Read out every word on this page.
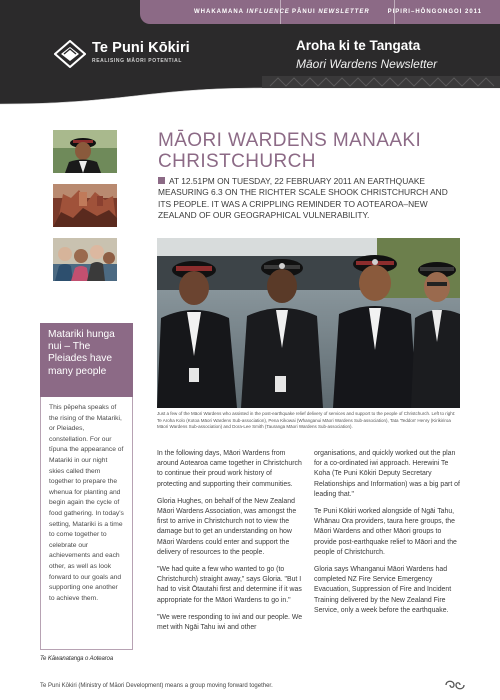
WHAKAMANA INFLUENCE PĀNUI NEWSLETTER	PIPIRI–HŌNGONGOI 2011
Te Puni Kōkiri
REALISING MĀORI POTENTIAL
Aroha ki te Tangata
Māori Wardens Newsletter
Matariki hunga nui – The Pleiades have many people
This pēpeha speaks of the rising of the Matariki, or Pleiades, constellation. For our tīpuna the appearance of Matariki in our night skies called them together to prepare the whenua for planting and begin again the cycle of food gathering. In today's setting, Matariki is a time to come together to celebrate our achievements and each other, as well as look forward to our goals and supporting one another to achieve them.
Te Kāwanatanga o Aotearoa
MĀORI WARDENS MANAAKI CHRISTCHURCH
AT 12.51PM ON TUESDAY, 22 FEBRUARY 2011 AN EARTHQUAKE MEASURING 6.3 ON THE RICHTER SCALE SHOOK CHRISTCHURCH AND ITS PEOPLE. IT WAS A CRIPPLING REMINDER TO AOTEAROA–NEW ZEALAND OF OUR GEOGRAPHICAL VULNERABILITY.
Just a few of the Māori Wardens who assisted in the post-earthquake relief delivery of services and support to the people of Christchurch. Left to right: Te Aroha Kolo (Kotoa Māori Wardens Sub-association), Pena Kikowai (Whanganui Māori Wardens Sub-association), Tata 'Teddon' Henry (Kirikiriroa Māori Wardens Sub-association) and Dora-Lee Smith (Tauranga Māori Wardens Sub-association).

In the following days, Māori Wardens from around Aotearoa came together in Christchurch to continue their proud work history of protecting and supporting their communities.

Gloria Hughes, on behalf of the New Zealand Māori Wardens Association, was amongst the first to arrive in Christchurch not to view the damage but to get an understanding on how Māori Wardens could enter and support the delivery of resources to the people.

"We had quite a few who wanted to go (to Christchurch) straight away," says Gloria. "But I had to visit Ōtautahi first and determine if it was appropriate for the Māori Wardens to go in."

"We were responding to iwi and our people. We met with Ngāi Tahu iwi and other

organisations, and quickly worked out the plan for a co-ordinated iwi approach. Herewini Te Koha (Te Puni Kōkiri Deputy Secretary Relationships and Information) was a big part of leading that."

Te Puni Kōkiri worked alongside of Ngāi Tahu, Whānau Ora providers, taura here groups, the Māori Wardens and other Māori groups to provide post-earthquake relief to Māori and the people of Christchurch.

Gloria says Whanganui Māori Wardens had completed NZ Fire Service Emergency Evacuation, Suppression of Fire and Incident Training delivered by the New Zealand Fire Service, only a week before the earthquake.

Te Puni Kōkiri (Ministry of Māori Development) means a group moving forward together.
